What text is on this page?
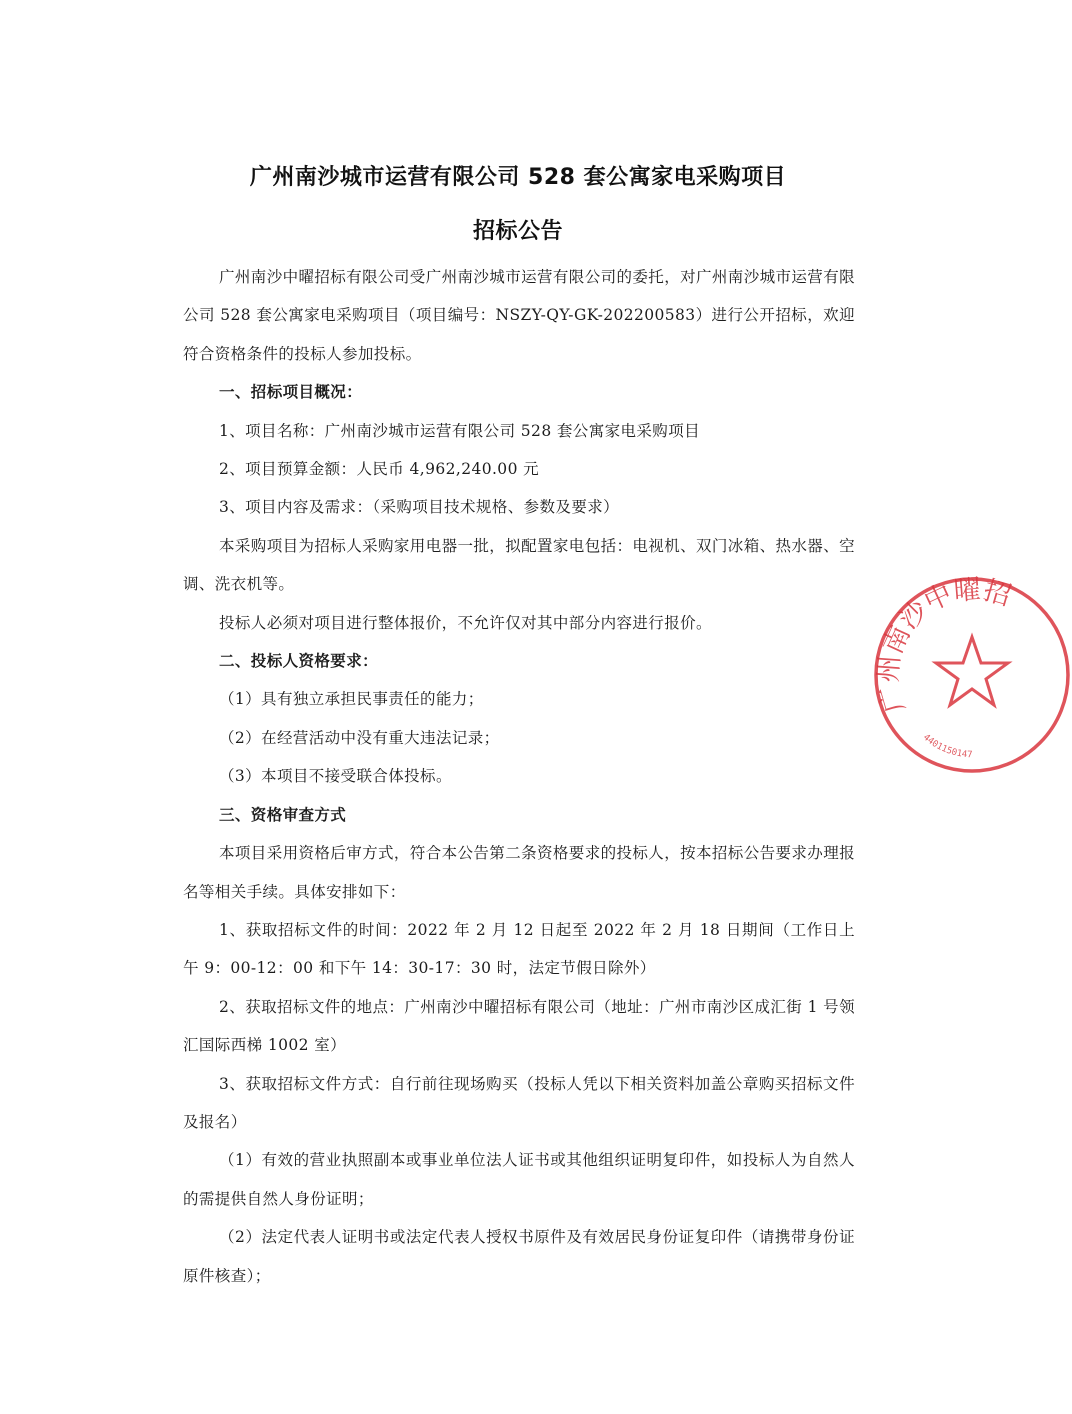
广州南沙城市运营有限公司 528 套公寓家电采购项目
招标公告

广州南沙中曜招标有限公司受广州南沙城市运营有限公司的委托，对广州南沙城市运营有限公司 528 套公寓家电采购项目（项目编号：NSZY-QY-GK-202200583）进行公开招标，欢迎符合资格条件的投标人参加投标。

一、招标项目概况：

1、项目名称：广州南沙城市运营有限公司 528 套公寓家电采购项目

2、项目预算金额：人民币 4,962,240.00 元

3、项目内容及需求：（采购项目技术规格、参数及要求）

本采购项目为招标人采购家用电器一批，拟配置家电包括：电视机、双门冰箱、热水器、空调、洗衣机等。

投标人必须对项目进行整体报价，不允许仅对其中部分内容进行报价。

二、投标人资格要求：

（1）具有独立承担民事责任的能力；

（2）在经营活动中没有重大违法记录；

（3）本项目不接受联合体投标。

三、资格审查方式

本项目采用资格后审方式，符合本公告第二条资格要求的投标人，按本招标公告要求办理报名等相关手续。具体安排如下：

1、获取招标文件的时间：2022 年 2 月 12 日起至 2022 年 2 月 18 日期间（工作日上午 9：00-12：00 和下午 14：30-17：30 时，法定节假日除外）

2、获取招标文件的地点：广州南沙中曜招标有限公司（地址：广州市南沙区成汇街 1 号领汇国际西梯 1002 室）

3、获取招标文件方式：自行前往现场购买（投标人凭以下相关资料加盖公章购买招标文件及报名）

（1）有效的营业执照副本或事业单位法人证书或其他组织证明复印件，如投标人为自然人的需提供自然人身份证明；

（2）法定代表人证明书或法定代表人授权书原件及有效居民身份证复印件（请携带身份证原件核查）；

广州南沙中曜招
4401150147
